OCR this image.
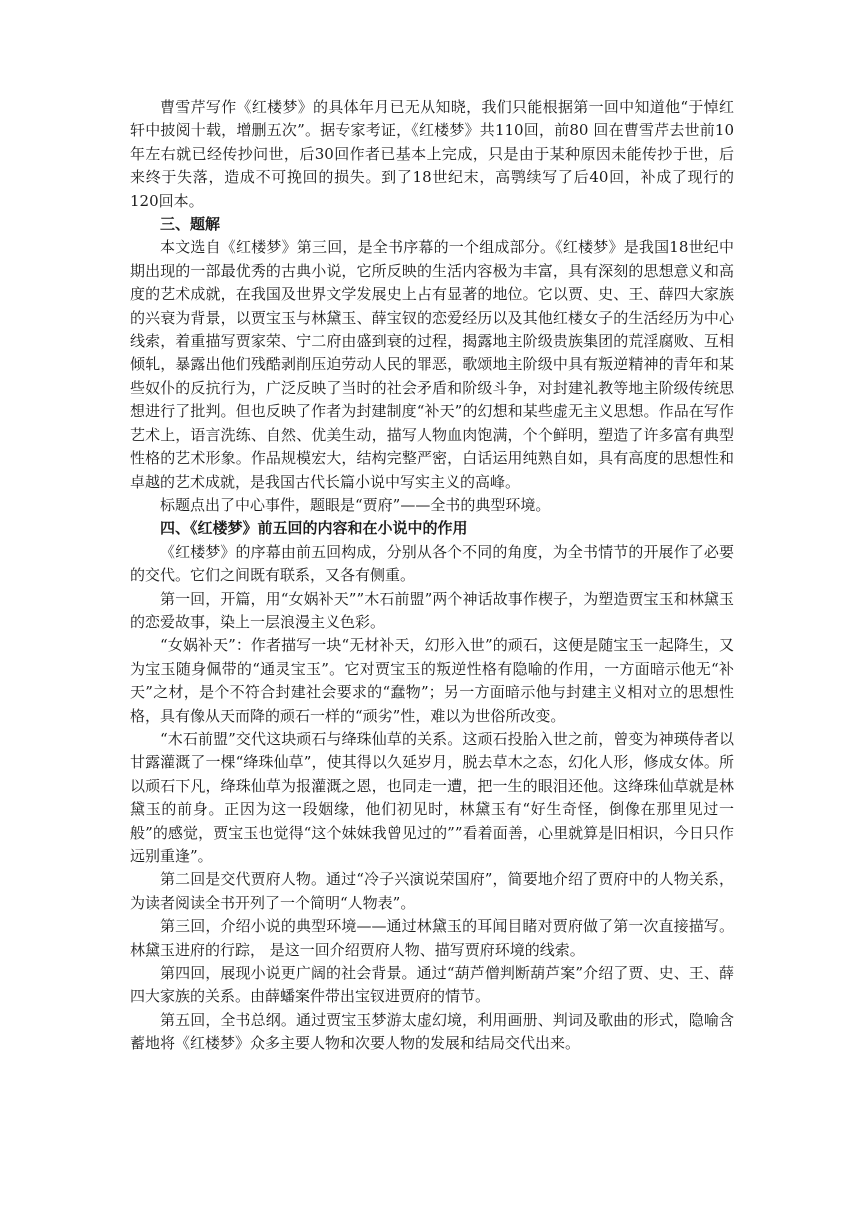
曹雪芹写作《红楼梦》的具体年月已无从知晓，我们只能根据第一回中知道他“于悼红轩中披阅十载，增删五次”。据专家考证，《红楼梦》共110回，前80 回在曹雪芹去世前10年左右就已经传抄问世，后30回作者已基本上完成，只是由于某种原因未能传抄于世，后来终于失落，造成不可挽回的损失。到了18世纪末，高鹗续写了后40回，补成了现行的120回本。

三、题解

本文选自《红楼梦》第三回，是全书序幕的一个组成部分。《红楼梦》是我国18世纪中期出现的一部最优秀的古典小说，它所反映的生活内容极为丰富，具有深刻的思想意义和高度的艺术成就，在我国及世界文学发展史上占有显著的地位。它以贾、史、王、薛四大家族的兴衰为背景，以贾宝玉与林黛玉、薛宝钗的恋爱经历以及其他红楼女子的生活经历为中心线索，着重描写贾家荣、宁二府由盛到衰的过程，揭露地主阶级贵族集团的荒淫腐败、互相倾轧，暴露出他们残酷剥削压迫劳动人民的罪恶，歌颂地主阶级中具有叛逆精神的青年和某些奴仆的反抗行为，广泛反映了当时的社会矛盾和阶级斗争，对封建礼教等地主阶级传统思想进行了批判。但也反映了作者为封建制度“补天”的幻想和某些虚无主义思想。作品在写作艺术上，语言洗练、自然、优美生动，描写人物血肉饱满，个个鲜明，塑造了许多富有典型性格的艺术形象。作品规模宏大，结构完整严密，白话运用纯熟自如，具有高度的思想性和卓越的艺术成就，是我国古代长篇小说中写实主义的高峰。

标题点出了中心事件，题眼是“贾府”——全书的典型环境。

四、《红楼梦》前五回的内容和在小说中的作用

《红楼梦》的序幕由前五回构成，分别从各个不同的角度，为全书情节的开展作了必要的交代。它们之间既有联系，又各有侧重。

第一回，开篇，用“女娲补天””木石前盟”两个神话故事作楔子，为塑造贾宝玉和林黛玉的恋爱故事，染上一层浪漫主义色彩。

“女娲补天”：作者描写一块“无材补天，幻形入世”的顽石，这便是随宝玉一起降生，又为宝玉随身佩带的“通灵宝玉”。它对贾宝玉的叛逆性格有隐喻的作用，一方面暗示他无“补天”之材，是个不符合封建社会要求的“蠢物”；另一方面暗示他与封建主义相对立的思想性格，具有像从天而降的顽石一样的“顽劣”性，难以为世俗所改变。

“木石前盟”交代这块顽石与绛珠仙草的关系。这顽石投胎入世之前，曾变为神瑛侍者以甘露灌溉了一棵“绛珠仙草”，使其得以久延岁月，脱去草木之态，幻化人形，修成女体。所以顽石下凡，绛珠仙草为报灌溉之恩，也同走一遭，把一生的眼泪还他。这绛珠仙草就是林黛玉的前身。正因为这一段姻缘，他们初见时，林黛玉有“好生奇怪，倒像在那里见过一般”的感觉，贾宝玉也觉得“这个妹妹我曾见过的””看着面善，心里就算是旧相识，今日只作远别重逢”。

第二回是交代贾府人物。通过“冷子兴演说荣国府”，简要地介绍了贾府中的人物关系，为读者阅读全书开列了一个简明“人物表”。

第三回，介绍小说的典型环境——通过林黛玉的耳闻目睹对贾府做了第一次直接描写。林黛玉进府的行踪， 是这一回介绍贾府人物、描写贾府环境的线索。

第四回，展现小说更广阔的社会背景。通过“葫芦僧判断葫芦案”介绍了贾、史、王、薛四大家族的关系。由薛蟠案件带出宝钗进贾府的情节。

第五回，全书总纲。通过贾宝玉梦游太虚幻境，利用画册、判词及歌曲的形式，隐喻含蓄地将《红楼梦》众多主要人物和次要人物的发展和结局交代出来。
